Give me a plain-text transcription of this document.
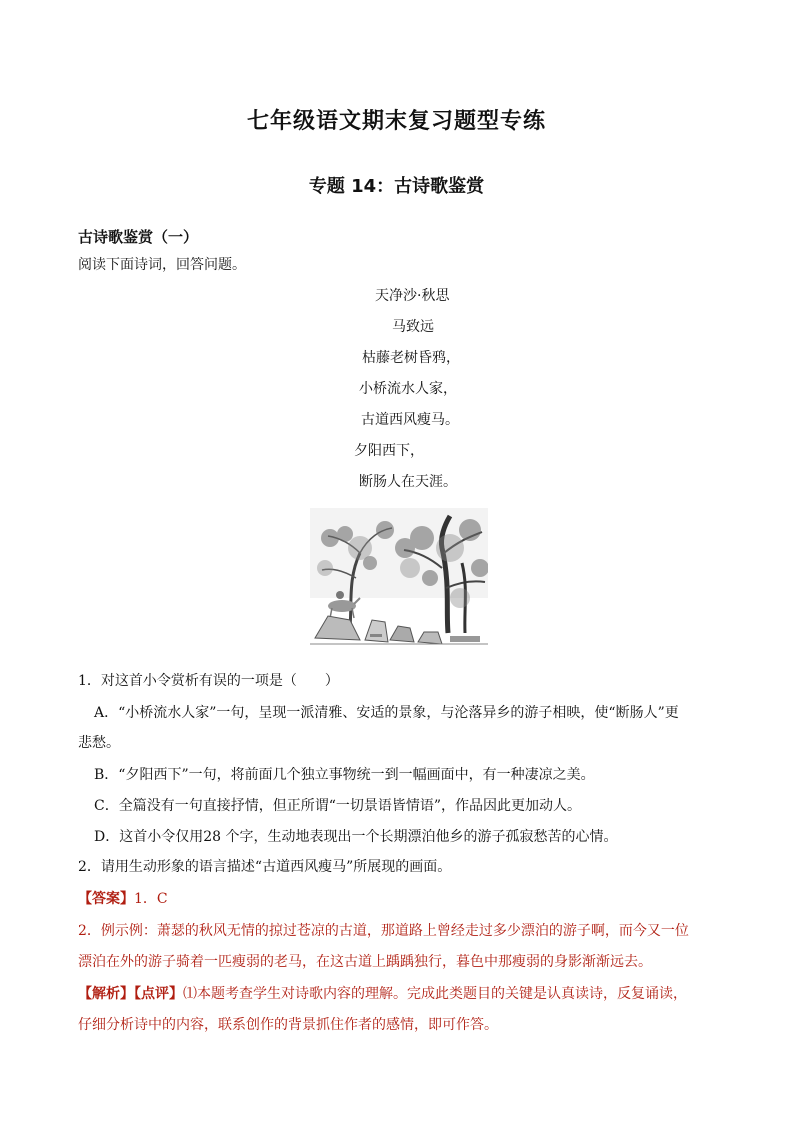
七年级语文期末复习题型专练
专题 14：古诗歌鉴赏
古诗歌鉴赏（一）
阅读下面诗词，回答问题。
天净沙·秋思
马致远
枯藤老树昏鸦，
小桥流水人家，
古道西风瘦马。
夕阳西下，
断肠人在天涯。
1．对这首小令赏析有误的一项是（　　）
A．“小桥流水人家”一句，呈现一派清雅、安适的景象，与沦落异乡的游子相映，使“断肠人”更
悲愁。
B．“夕阳西下”一句，将前面几个独立事物统一到一幅画面中，有一种凄凉之美。
C．全篇没有一句直接抒情，但正所谓“一切景语皆情语”，作品因此更加动人。
D．这首小令仅用28 个字，生动地表现出一个长期漂泊他乡的游子孤寂愁苦的心情。
2．请用生动形象的语言描述“古道西风瘦马”所展现的画面。
【答案】1．C
2．例示例：萧瑟的秋风无情的掠过苍凉的古道，那道路上曾经走过多少漂泊的游子啊，而今又一位
漂泊在外的游子骑着一匹瘦弱的老马，在这古道上踽踽独行，暮色中那瘦弱的身影渐渐远去。
【解析】【点评】⑴本题考查学生对诗歌内容的理解。完成此类题目的关键是认真读诗，反复诵读，
仔细分析诗中的内容，联系创作的背景抓住作者的感情，即可作答。
